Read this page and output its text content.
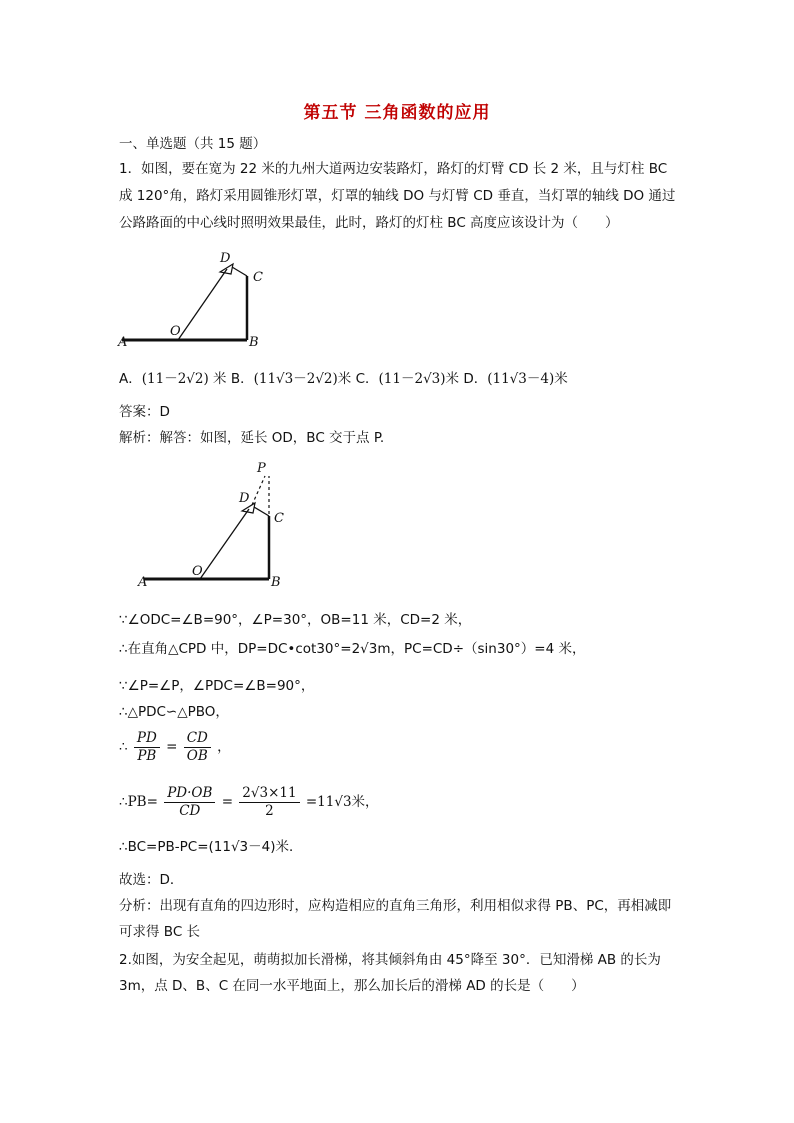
第五节 三角函数的应用
一、单选题（共 15 题）
1．如图，要在宽为 22 米的九州大道两边安装路灯，路灯的灯臂 CD 长 2 米，且与灯柱 BC
成 120°角，路灯采用圆锥形灯罩，灯罩的轴线 DO 与灯臂 CD 垂直，当灯罩的轴线 DO 通过
公路路面的中心线时照明效果最佳，此时，路灯的灯柱 BC 高度应该设计为（　　）
A	B
C
D
O
A．(11－2√2) 米 B．(11√3－2√2)米 C．(11－2√3)米 D．(11√3－4)米
答案：D
解析：解答：如图，延长 OD，BC 交于点 P.
A	B
C
D
O
P
∵∠ODC=∠B=90°，∠P=30°，OB=11 米，CD=2 米，
∴在直角△CPD 中，DP=DC•cot30°=2√3m，PC=CD÷（sin30°）=4 米，
∵∠P=∠P，∠PDC=∠B=90°，
∴△PDC∽△PBO，
∴ $\frac{PD}{PB} = \frac{CD}{OB}$ ，
∴PB= $\frac{PD\cdot OB}{CD} = \frac{2√3\times 11}{2} =11√3$米，
∴BC=PB-PC=(11√3－4)米．
故选：D．
分析：出现有直角的四边形时，应构造相应的直角三角形，利用相似求得 PB、PC，再相减即
可求得 BC 长
2.如图，为安全起见，萌萌拟加长滑梯，将其倾斜角由 45°降至 30°．已知滑梯 AB 的长为
3m，点 D、B、C 在同一水平地面上，那么加长后的滑梯 AD 的长是（　　）
